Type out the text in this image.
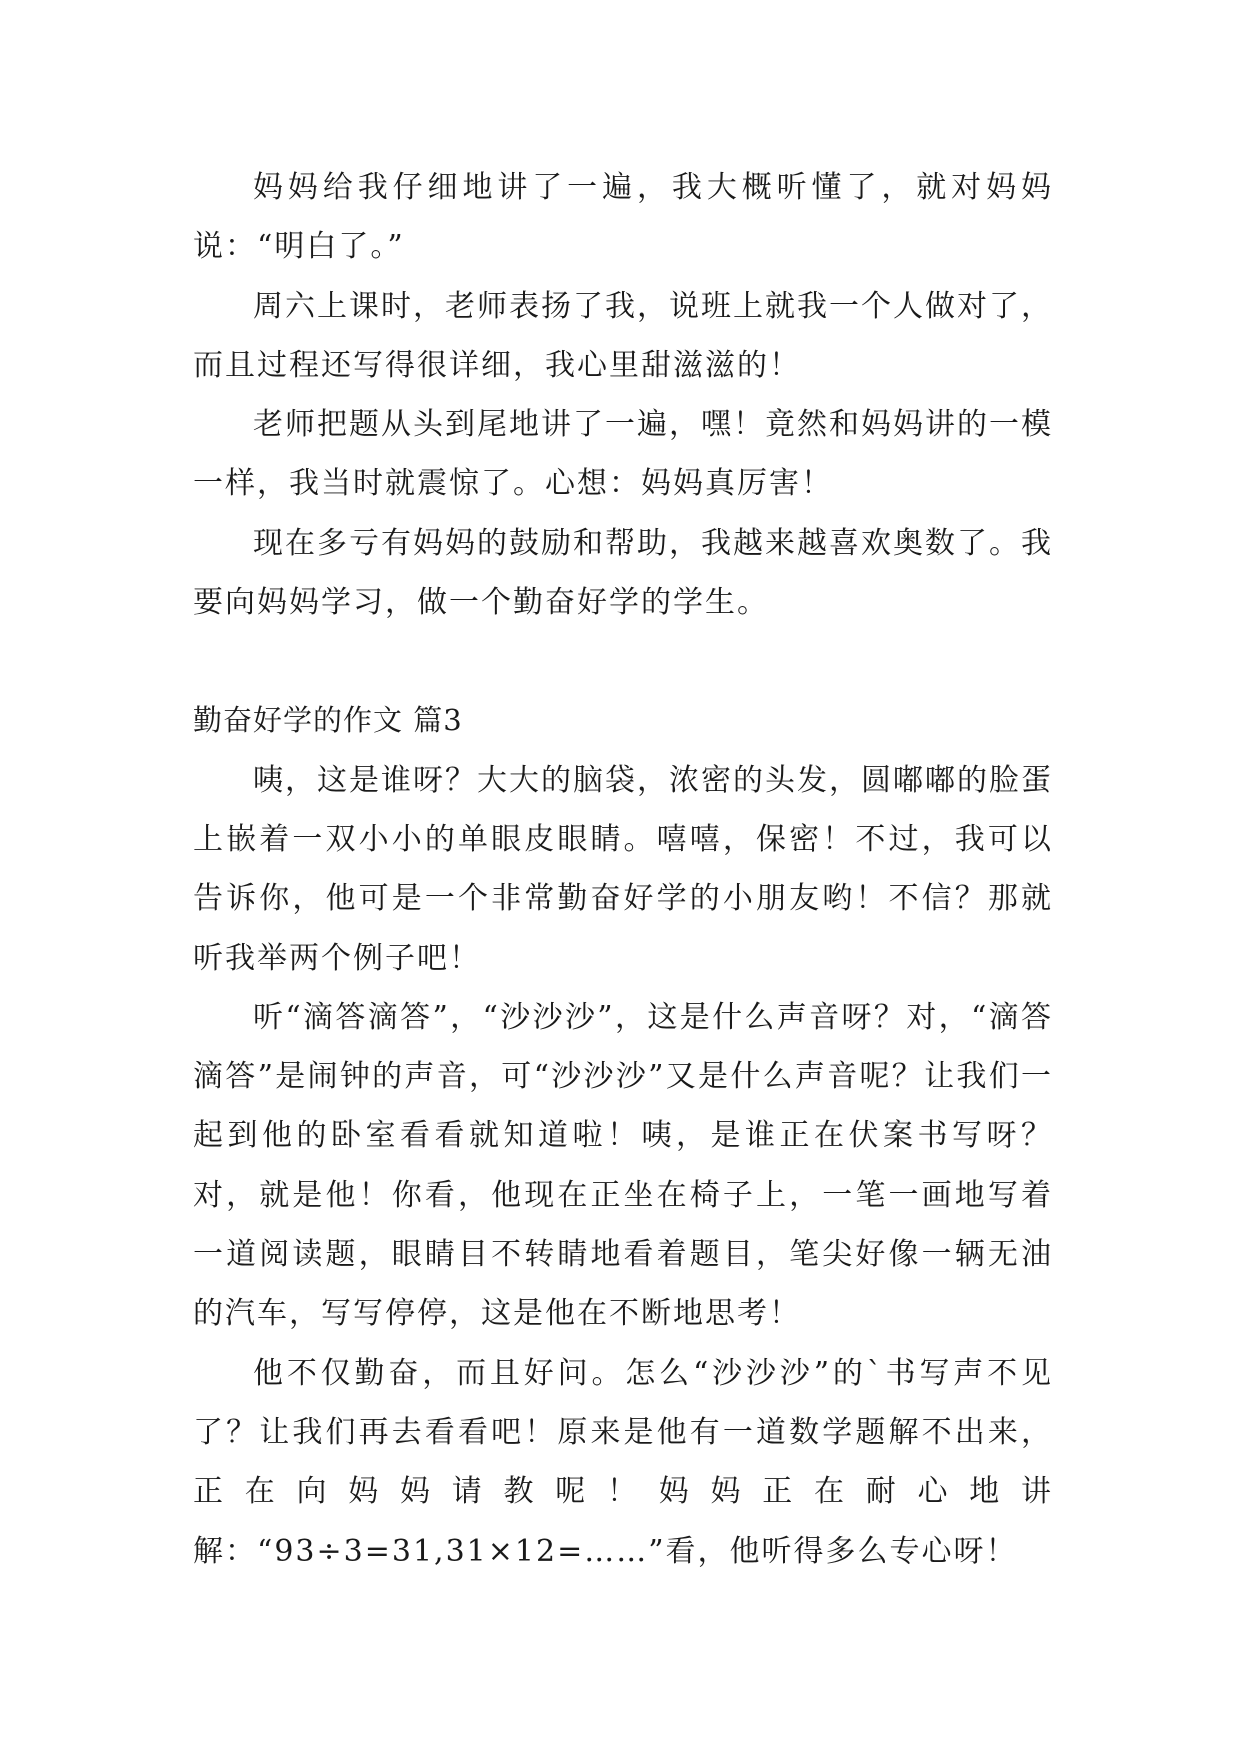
妈妈给我仔细地讲了一遍，我大概听懂了，就对妈妈说：“明白了。”

周六上课时，老师表扬了我，说班上就我一个人做对了，而且过程还写得很详细，我心里甜滋滋的！

老师把题从头到尾地讲了一遍，嘿！竟然和妈妈讲的一模一样，我当时就震惊了。心想：妈妈真厉害！

现在多亏有妈妈的鼓励和帮助，我越来越喜欢奥数了。我要向妈妈学习，做一个勤奋好学的学生。

勤奋好学的作文 篇3

咦，这是谁呀？大大的脑袋，浓密的头发，圆嘟嘟的脸蛋上嵌着一双小小的单眼皮眼睛。嘻嘻，保密！不过，我可以告诉你，他可是一个非常勤奋好学的小朋友哟！不信？那就听我举两个例子吧！

听“滴答滴答”，“沙沙沙”，这是什么声音呀？对，“滴答滴答”是闹钟的声音，可“沙沙沙”又是什么声音呢？让我们一起到他的卧室看看就知道啦！咦，是谁正在伏案书写呀？对，就是他！你看，他现在正坐在椅子上，一笔一画地写着一道阅读题，眼睛目不转睛地看着题目，笔尖好像一辆无油的汽车，写写停停，这是他在不断地思考！

他不仅勤奋，而且好问。怎么“沙沙沙”的`书写声不见了？让我们再去看看吧！原来是他有一道数学题解不出来，正在向妈妈请教呢！妈妈正在耐心地讲解：“93÷3=31,31×12=……”看，他听得多么专心呀！
